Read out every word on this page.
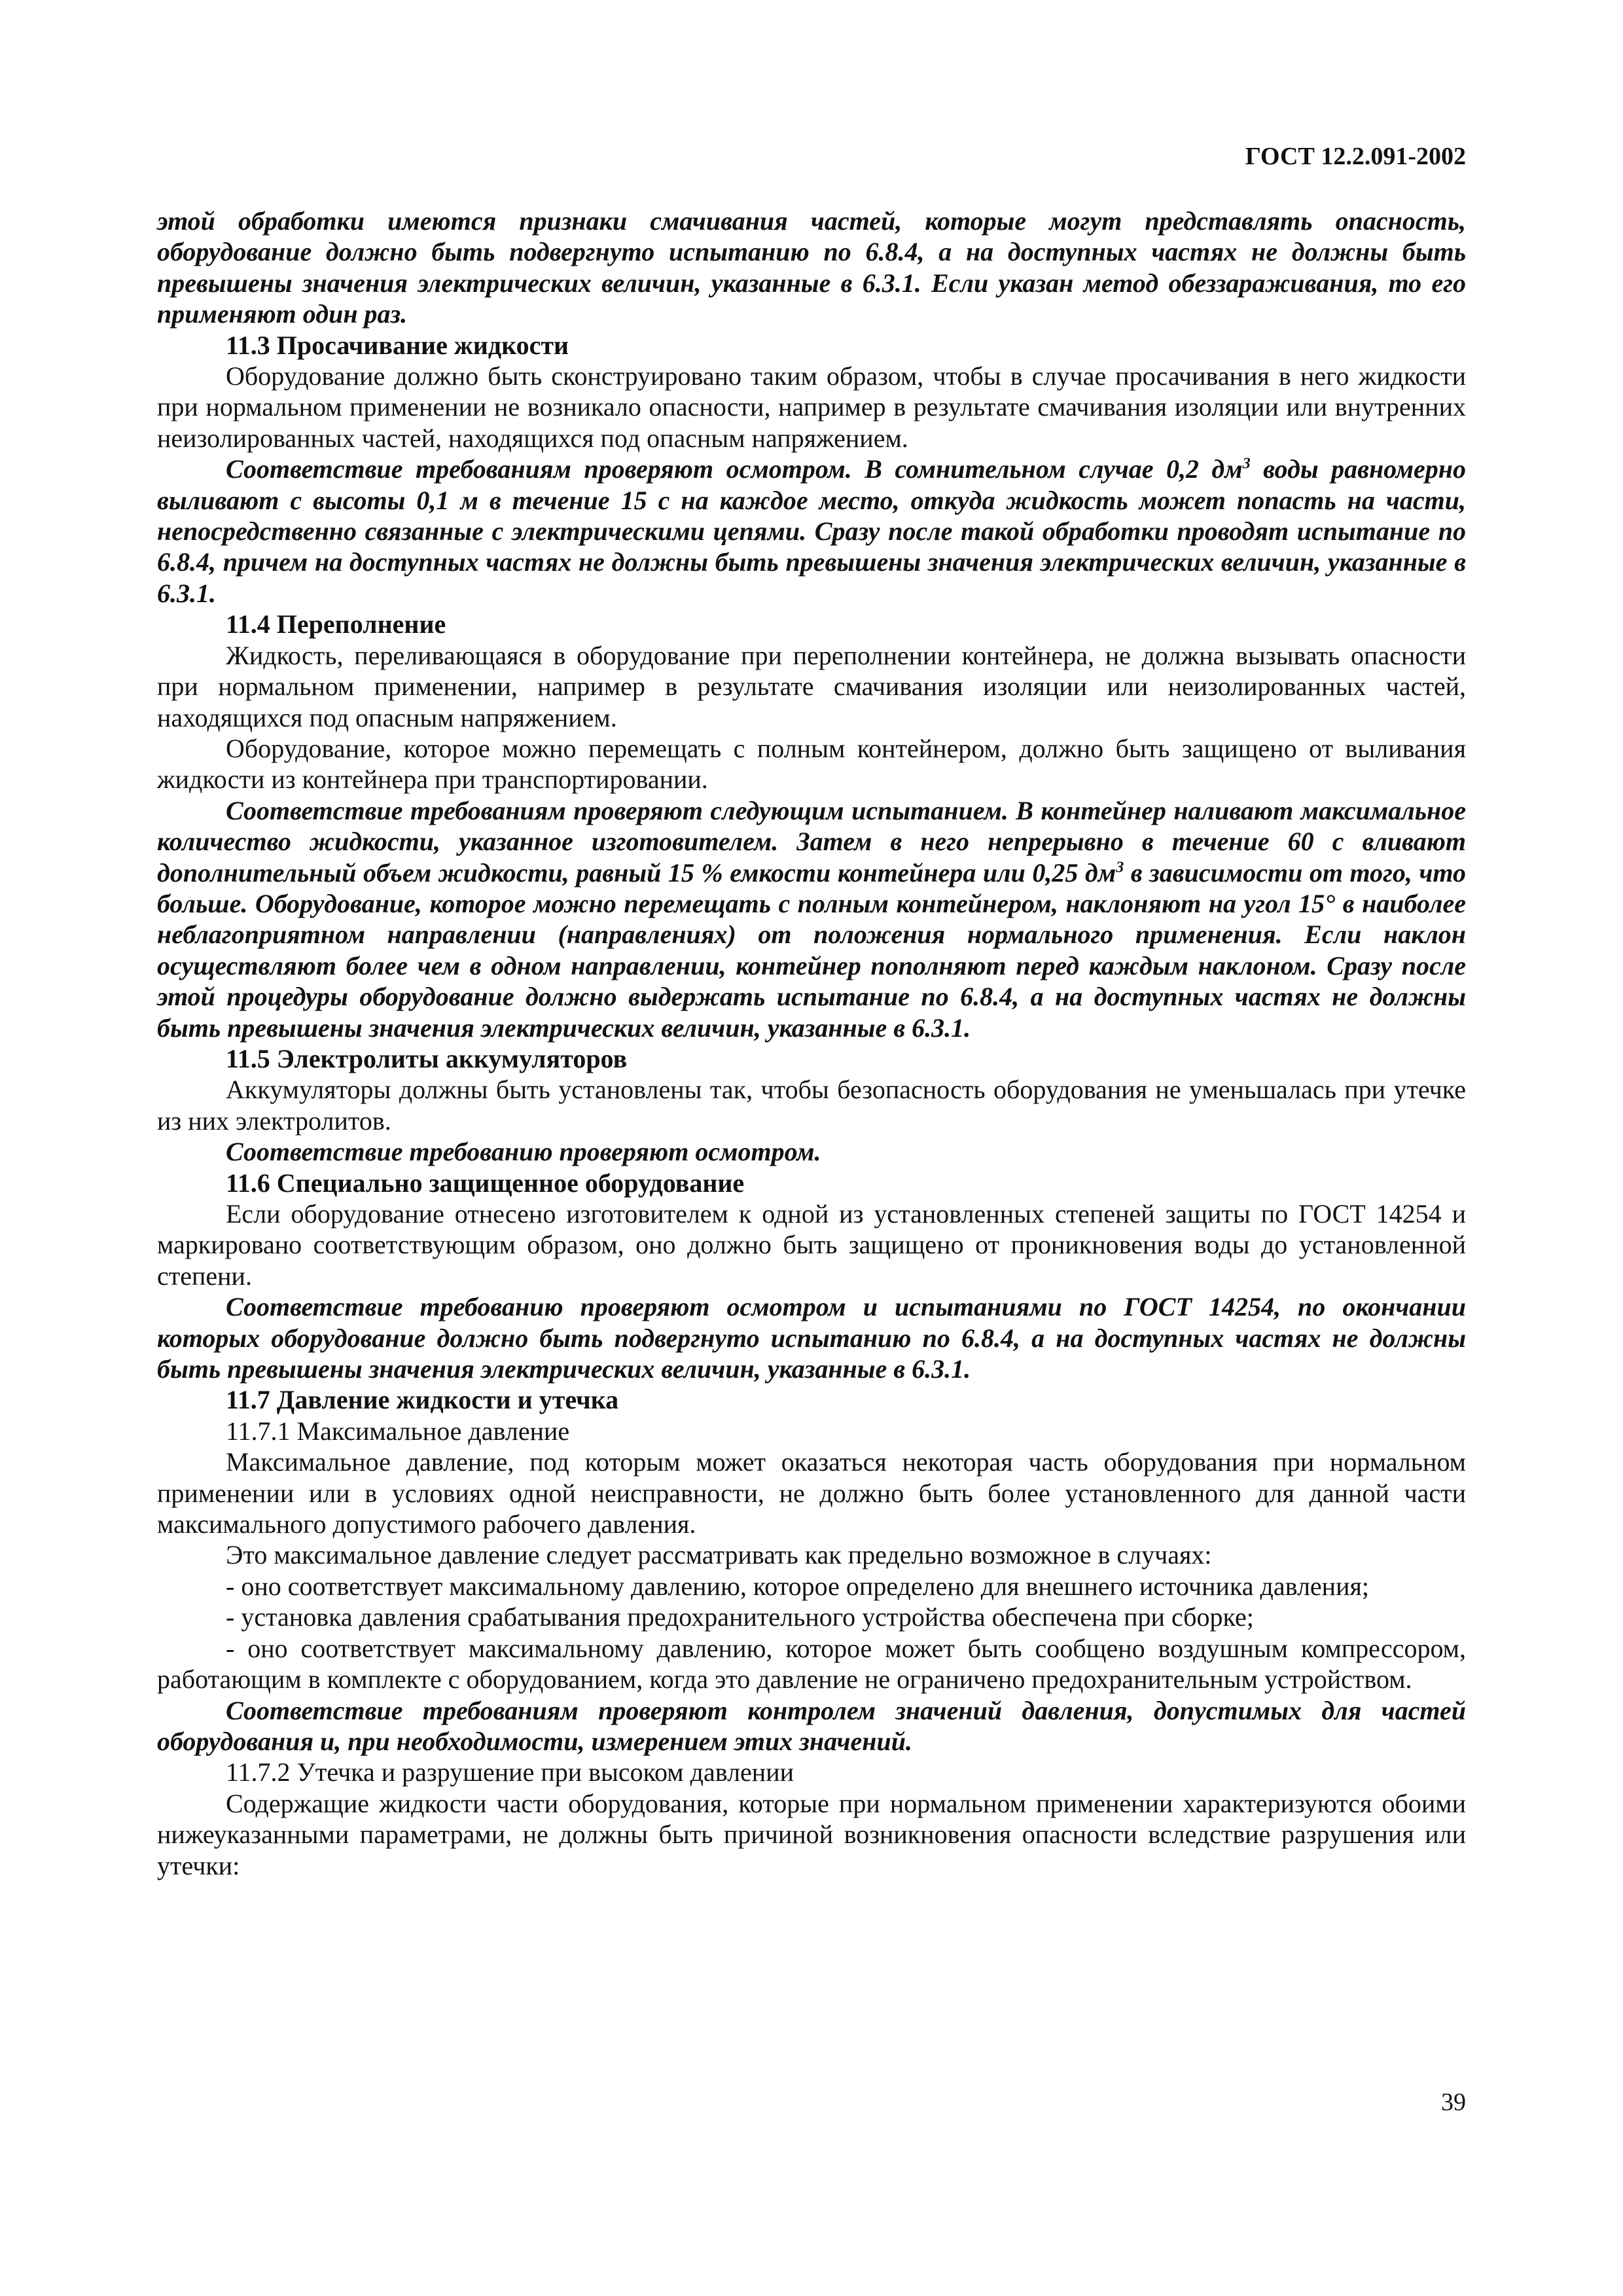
ГОСТ 12.2.091-2002

этой обработки имеются признаки смачивания частей, которые могут представлять опасность, оборудование должно быть подвергнуто испытанию по 6.8.4, а на доступных частях не должны быть превышены значения электрических величин, указанные в 6.3.1. Если указан метод обеззараживания, то его применяют один раз.

11.3 Просачивание жидкости

Оборудование должно быть сконструировано таким образом, чтобы в случае просачивания в него жидкости при нормальном применении не возникало опасности, например в результате смачивания изоляции или внутренних неизолированных частей, находящихся под опасным напряжением.

Соответствие требованиям проверяют осмотром. В сомнительном случае 0,2 $дм^3$ воды равномерно выливают с высоты 0,1 м в течение 15 с на каждое место, откуда жидкость может попасть на части, непосредственно связанные с электрическими цепями. Сразу после такой обработки проводят испытание по 6.8.4, причем на доступных частях не должны быть превышены значения электрических величин, указанные в 6.3.1.

11.4 Переполнение

Жидкость, переливающаяся в оборудование при переполнении контейнера, не должна вызывать опасности при нормальном применении, например в результате смачивания изоляции или неизолированных частей, находящихся под опасным напряжением.

Оборудование, которое можно перемещать с полным контейнером, должно быть защищено от выливания жидкости из контейнера при транспортировании.

Соответствие требованиям проверяют следующим испытанием. В контейнер наливают максимальное количество жидкости, указанное изготовителем. Затем в него непрерывно в течение 60 с вливают дополнительный объем жидкости, равный 15 % емкости контейнера или 0,25 $дм^3$ в зависимости от того, что больше. Оборудование, которое можно перемещать с полным контейнером, наклоняют на угол 15° в наиболее неблагоприятном направлении (направлениях) от положения нормального применения. Если наклон осуществляют более чем в одном направлении, контейнер пополняют перед каждым наклоном. Сразу после этой процедуры оборудование должно выдержать испытание по 6.8.4, а на доступных частях не должны быть превышены значения электрических величин, указанные в 6.3.1.

11.5 Электролиты аккумуляторов

Аккумуляторы должны быть установлены так, чтобы безопасность оборудования не уменьшалась при утечке из них электролитов.

Соответствие требованию проверяют осмотром.

11.6 Специально защищенное оборудование

Если оборудование отнесено изготовителем к одной из установленных степеней защиты по ГОСТ 14254 и маркировано соответствующим образом, оно должно быть защищено от проникновения воды до установленной степени.

Соответствие требованию проверяют осмотром и испытаниями по ГОСТ 14254, по окончании которых оборудование должно быть подвергнуто испытанию по 6.8.4, а на доступных частях не должны быть превышены значения электрических величин, указанные в 6.3.1.

11.7 Давление жидкости и утечка

11.7.1 Максимальное давление

Максимальное давление, под которым может оказаться некоторая часть оборудования при нормальном применении или в условиях одной неисправности, не должно быть более установленного для данной части максимального допустимого рабочего давления.

Это максимальное давление следует рассматривать как предельно возможное в случаях:

- оно соответствует максимальному давлению, которое определено для внешнего источника давления;

- установка давления срабатывания предохранительного устройства обеспечена при сборке;

- оно соответствует максимальному давлению, которое может быть сообщено воздушным компрессором, работающим в комплекте с оборудованием, когда это давление не ограничено предохранительным устройством.

Соответствие требованиям проверяют контролем значений давления, допустимых для частей оборудования и, при необходимости, измерением этих значений.

11.7.2 Утечка и разрушение при высоком давлении

Содержащие жидкости части оборудования, которые при нормальном применении характеризуются обоими нижеуказанными параметрами, не должны быть причиной возникновения опасности вследствие разрушения или утечки:

39
